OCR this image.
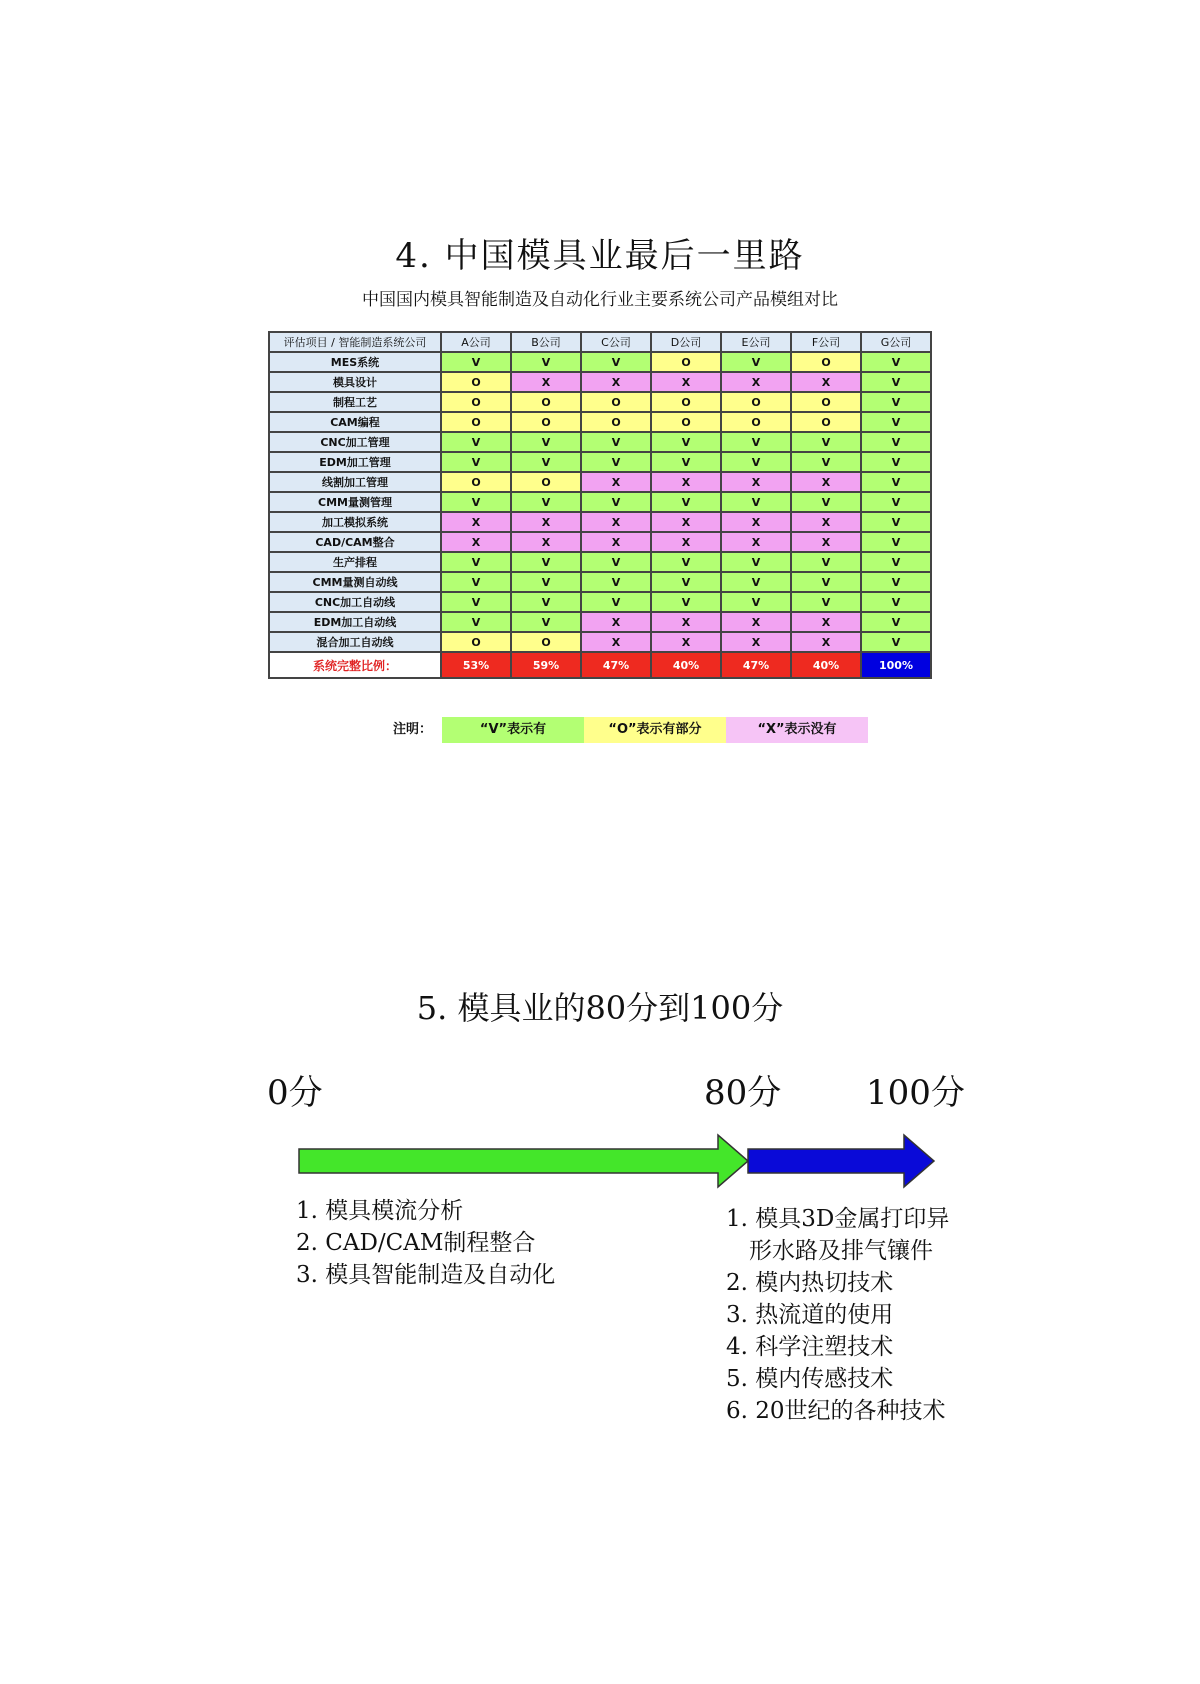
4. 中国模具业最后一里路
中国国内模具智能制造及自动化行业主要系统公司产品模组对比
评估项目 / 智能制造系统公司	A公司	B公司	C公司	D公司	E公司	F公司	G公司
MES系统	V	V	V	O	V	O	V
模具设计	O	X	X	X	X	X	V
制程工艺	O	O	O	O	O	O	V
CAM编程	O	O	O	O	O	O	V
CNC加工管理	V	V	V	V	V	V	V
EDM加工管理	V	V	V	V	V	V	V
线割加工管理	O	O	X	X	X	X	V
CMM量测管理	V	V	V	V	V	V	V
加工模拟系统	X	X	X	X	X	X	V
CAD/CAM整合	X	X	X	X	X	X	V
生产排程	V	V	V	V	V	V	V
CMM量测自动线	V	V	V	V	V	V	V
CNC加工自动线	V	V	V	V	V	V	V
EDM加工自动线	V	V	X	X	X	X	V
混合加工自动线	O	O	X	X	X	X	V
系统完整比例：	53%	59%	47%	40%	47%	40%	100%
注明：	“V”表示有	“O”表示有部分	“X”表示没有
5. 模具业的80分到100分
0分	80分 100分
1. 模具模流分析
2. CAD/CAM制程整合
3. 模具智能制造及自动化
1. 模具3D金属打印异
　形水路及排气镶件
2. 模内热切技术
3. 热流道的使用
4. 科学注塑技术
5. 模内传感技术
6. 20世纪的各种技术
